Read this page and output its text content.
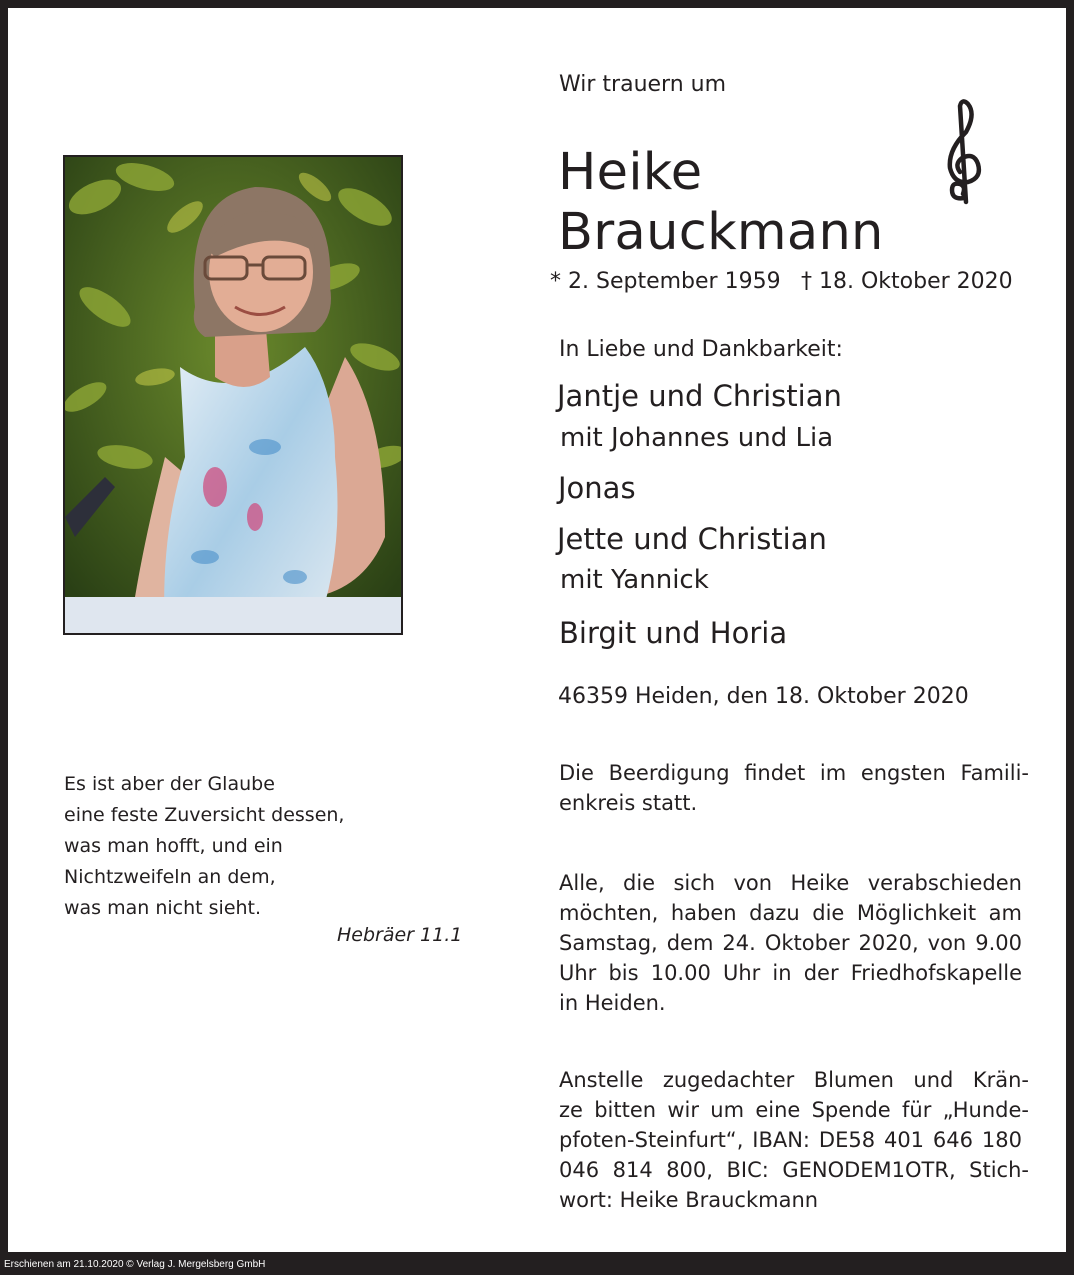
Wir trauern um
Heike
Brauckmann
* 2. September 1959 † 18. Oktober 2020
In Liebe und Dankbarkeit:
Jantje und Christian
mit Johannes und Lia
Jonas
Jette und Christian
mit Yannick
Birgit und Horia
46359 Heiden, den 18. Oktober 2020
Die Beerdigung findet im engsten Famili-
enkreis statt.
Alle, die sich von Heike verabschieden
möchten, haben dazu die Möglichkeit am
Samstag, dem 24. Oktober 2020, von 9.00
Uhr bis 10.00 Uhr in der Friedhofskapelle
in Heiden.
Anstelle zugedachter Blumen und Krän-
ze bitten wir um eine Spende für „Hunde-
pfoten-Steinfurt“, IBAN: DE58 401 646 180
046 814 800, BIC: GENODEM1OTR, Stich-
wort: Heike Brauckmann
Es ist aber der Glaube
eine feste Zuversicht dessen,
was man hofft, und ein
Nichtzweifeln an dem,
was man nicht sieht.
Hebräer 11.1
Erschienen am 21.10.2020 © Verlag J. Mergelsberg GmbH
